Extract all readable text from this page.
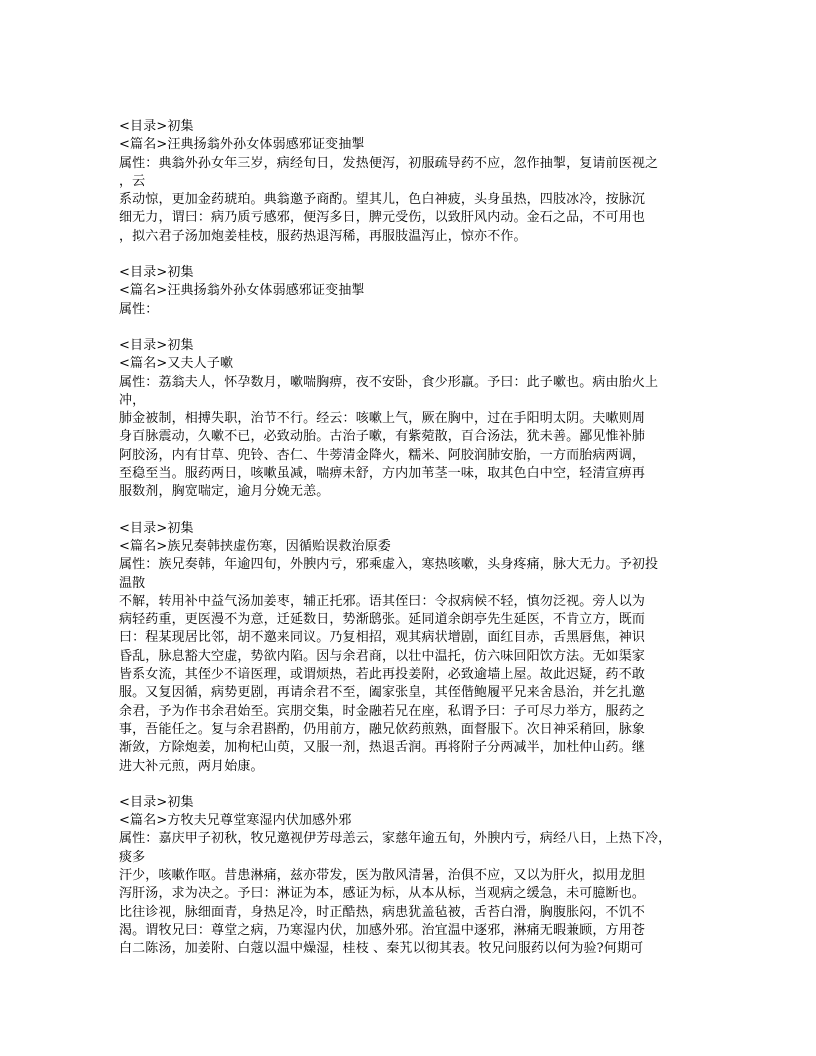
<目录>初集
<篇名>汪典扬翁外孙女体弱感邪证变抽掣
属性：典翁外孙女年三岁，病经旬日，发热便泻，初服疏导药不应，忽作抽掣，复请前医视之
，云
系动惊，更加金药琥珀。典翁邀予商酌。望其儿，色白神疲，头身虽热，四肢冰冷，按脉沉
细无力，谓曰：病乃质亏感邪，便泻多日，脾元受伤，以致肝风内动。金石之品，不可用也
，拟六君子汤加炮姜桂枝，服药热退泻稀，再服肢温泻止，惊亦不作。
<目录>初集
<篇名>汪典扬翁外孙女体弱感邪证变抽掣
属性：
<目录>初集
<篇名>又夫人子嗽
属性：荔翁夫人，怀孕数月，嗽喘胸痹，夜不安卧，食少形羸。予曰：此子嗽也。病由胎火上
冲，
肺金被制，相搏失职，治节不行。经云：咳嗽上气，厥在胸中，过在手阳明太阴。夫嗽则周
身百脉震动，久嗽不已，必致动胎。古治子嗽，有紫菀散，百合汤法，犹未善。鄙见惟补肺
阿胶汤，内有甘草、兜铃、杏仁、牛蒡清金降火，糯米、阿胶润肺安胎，一方而胎病两调，
至稳至当。服药两日，咳嗽虽减，喘痹未舒，方内加苇茎一味，取其色白中空，轻清宣痹再
服数剂，胸宽喘定，逾月分娩无恙。
<目录>初集
<篇名>族兄奏韩挟虚伤寒，因循贻误救治原委
属性：族兄奏韩，年逾四旬，外腴内亏，邪乘虚入，寒热咳嗽，头身疼痛，脉大无力。予初投
温散
不解，转用补中益气汤加姜枣，辅正托邪。语其侄曰：令叔病候不轻，慎勿泛视。旁人以为
病轻药重，更医漫不为意，迁延数日，势渐鸱张。延同道余朗亭先生延医，不肯立方，既而
曰：程某现居比邻，胡不邀来同议。乃复相招，观其病状增剧，面红目赤，舌黑唇焦，神识
昏乱，脉息豁大空虚，势欲内陷。因与余君商，以壮中温托，仿六味回阳饮方法。无如渠家
皆系女流，其侄少不谙医理，或谓烦热，若此再投姜附，必致逾墙上屋。故此迟疑，药不敢
服。又复因循，病势更剧，再请余君不至，阖家张皇，其侄偕鲍履平兄来舍恳治，并乞扎邀
余君，予为作书余君始至。宾朋交集，时金融若兄在座，私谓予曰：子可尽力举方，服药之
事，吾能任之。复与余君斟酌，仍用前方，融兄佽药煎熟，面督服下。次日神采稍回，脉象
渐敛，方除炮姜，加枸杞山萸，又服一剂，热退舌润。再将附子分两减半，加杜仲山药。继
进大补元煎，两月始康。
<目录>初集
<篇名>方牧夫兄尊堂寒湿内伏加感外邪
属性：嘉庆甲子初秋，牧兄邀视伊芳母恙云，家慈年逾五旬，外腴内亏，病经八日，上热下冷，
痰多
汗少，咳嗽作呕。昔患淋痛，兹亦带发，医为散风清暑，治俱不应，又以为肝火，拟用龙胆
泻肝汤，求为决之。予曰：淋证为本，感证为标，从本从标，当观病之缓急，未可臆断也。
比往诊视，脉细面青，身热足冷，时正酷热，病患犹盖毡被，舌苔白滑，胸腹胀闷，不饥不
渴。谓牧兄曰：尊堂之病，乃寒湿内伏，加感外邪。治宜温中逐邪，淋痛无暇兼顾，方用苍
白二陈汤，加姜附、白蔻以温中燥湿，桂枝 、秦艽以彻其表。牧兄问服药以何为验?何期可
